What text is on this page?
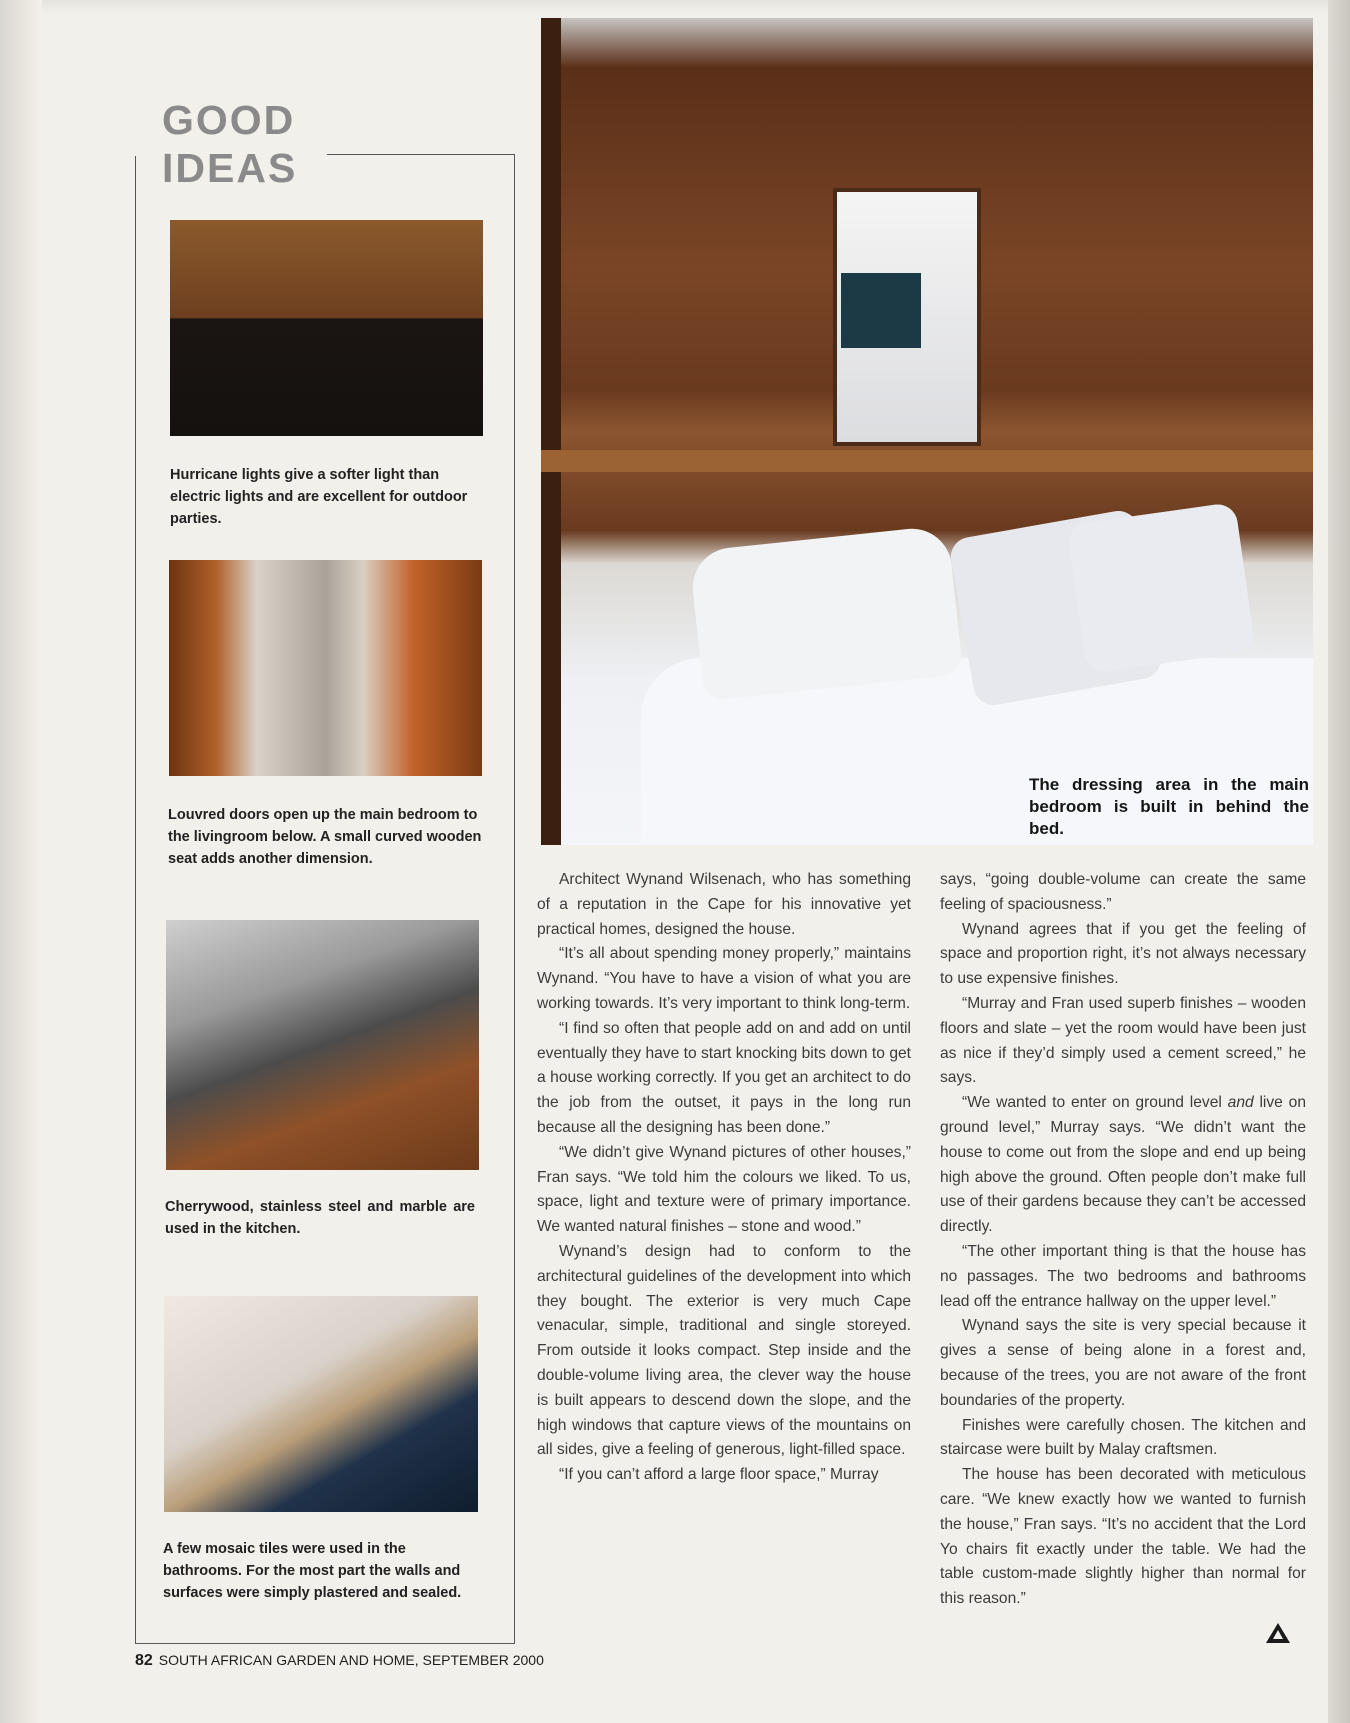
GOOD
IDEAS

Hurricane lights give a softer light than electric lights and are excellent for outdoor parties.

Louvred doors open up the main bedroom to the livingroom below. A small curved wooden seat adds another dimension.

Cherrywood, stainless steel and marble are used in the kitchen.

A few mosaic tiles were used in the bathrooms. For the most part the walls and surfaces were simply plastered and sealed.

The dressing area in the main bedroom is built in behind the bed.

Architect Wynand Wilsenach, who has something of a reputation in the Cape for his innovative yet practical homes, designed the house.

“It’s all about spending money properly,” maintains Wynand. “You have to have a vision of what you are working towards. It’s very important to think long-term.

“I find so often that people add on and add on until eventually they have to start knocking bits down to get a house working correctly. If you get an architect to do the job from the outset, it pays in the long run because all the designing has been done.”

“We didn’t give Wynand pictures of other houses,” Fran says. “We told him the colours we liked. To us, space, light and texture were of primary importance. We wanted natural finishes – stone and wood.”

Wynand’s design had to conform to the architectural guidelines of the development into which they bought. The exterior is very much Cape venacular, simple, traditional and single storeyed. From outside it looks compact. Step inside and the double-volume living area, the clever way the house is built appears to descend down the slope, and the high windows that capture views of the mountains on all sides, give a feeling of generous, light-filled space.

“If you can’t afford a large floor space,” Murray

says, “going double-volume can create the same feeling of spaciousness.”

Wynand agrees that if you get the feeling of space and proportion right, it’s not always necessary to use expensive finishes.

“Murray and Fran used superb finishes – wooden floors and slate – yet the room would have been just as nice if they’d simply used a cement screed,” he says.

“We wanted to enter on ground level and live on ground level,” Murray says. “We didn’t want the house to come out from the slope and end up being high above the ground. Often people don’t make full use of their gardens because they can’t be accessed directly.

“The other important thing is that the house has no passages. The two bedrooms and bathrooms lead off the entrance hallway on the upper level.”

Wynand says the site is very special because it gives a sense of being alone in a forest and, because of the trees, you are not aware of the front boundaries of the property.

Finishes were carefully chosen. The kitchen and staircase were built by Malay craftsmen.

The house has been decorated with meticulous care. “We knew exactly how we wanted to furnish the house,” Fran says. “It’s no accident that the Lord Yo chairs fit exactly under the table. We had the table custom-made slightly higher than normal for this reason.”

82 SOUTH AFRICAN GARDEN AND HOME, SEPTEMBER 2000
